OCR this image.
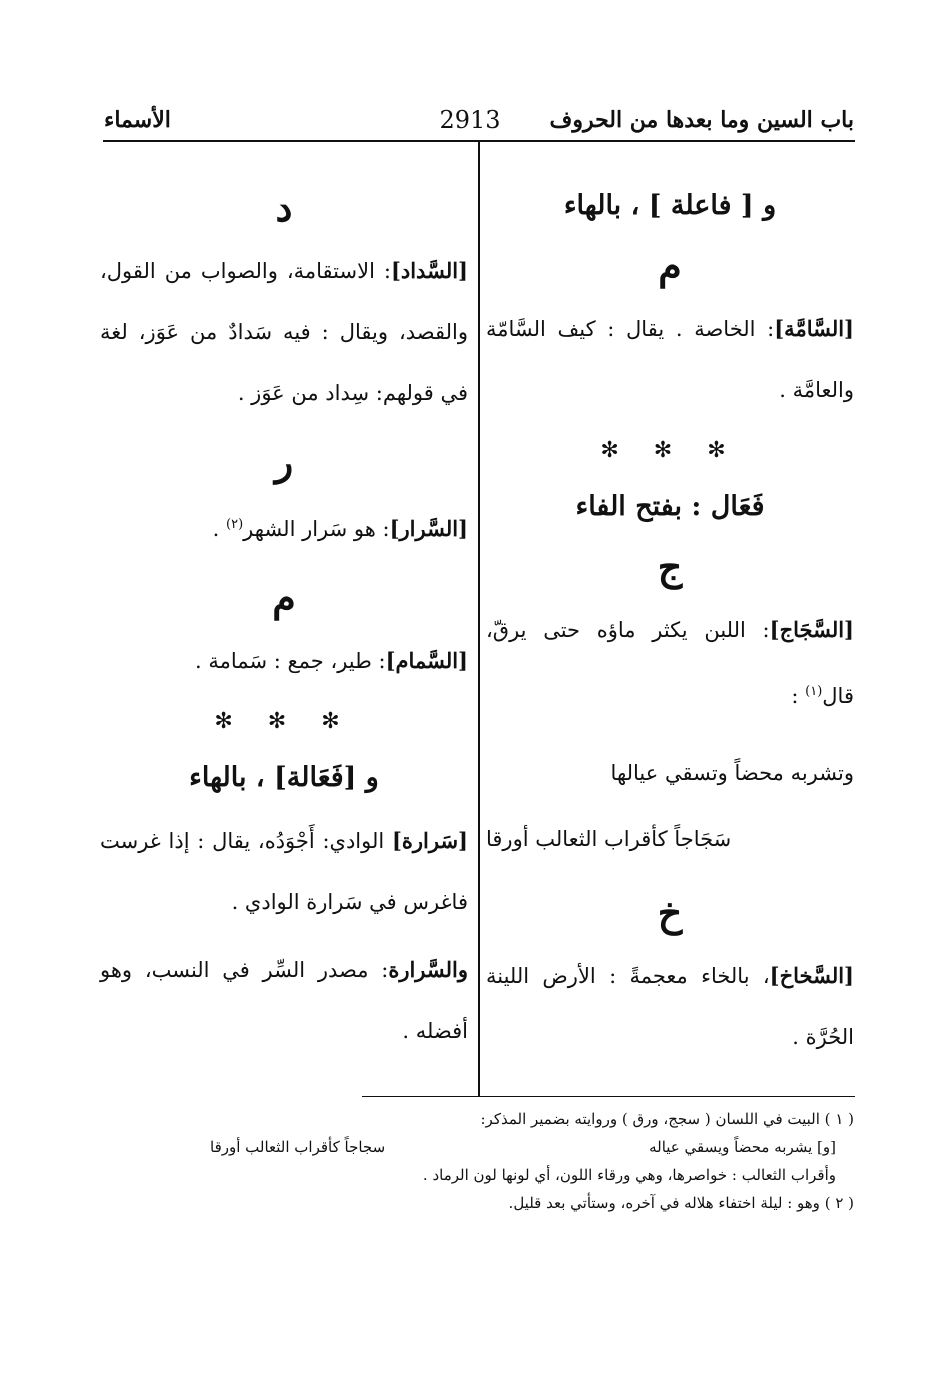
باب السين وما بعدها من الحروف
2913
الأسماء
و [ فاعلة ] ، بالهاء
م

[السَّامَّة]: الخاصة . يقال : كيف السَّامّة والعامَّة .

✻ ✻ ✻
فَعَال : بفتح الفاء
ج

[السَّجَاج]: اللبن يكثر ماؤه حتى يرقّ، قال$^{(١)}$ :

وتشربه محضاً وتسقي عيالها
سَجَاجاً كأقراب الثعالب أورقا
خ

[السَّخاخ]، بالخاء معجمةً : الأرض اللينة الحُرَّة .

د

[السَّداد]: الاستقامة، والصواب من القول، والقصد، ويقال : فيه سَدادٌ من عَوَز، لغة في قولهم: سِداد من عَوَز .

ر

[السَّرار]: هو سَرار الشهر$^{(٢)}$ .

م

[السَّمام]: طير، جمع : سَمامة .

✻ ✻ ✻
و [فَعَالة] ، بالهاء

[سَرارة] الوادي: أَجْوَدُه، يقال : إذا غرست فاغرس في سَرارة الوادي .

والسَّرارة: مصدر السِّر في النسب، وهو أفضله .

( ١ ) البيت في اللسان ( سجج، ورق ) وروايته بضمير المذكر:
[و] يشربه محضاً ويسقي عياله
سجاجاً كأقراب الثعالب أورقا
وأقراب الثعالب : خواصرها، وهي ورقاء اللون، أي لونها لون الرماد .
( ٢ ) وهو : ليلة اختفاء هلاله في آخره، وستأتي بعد قليل.
